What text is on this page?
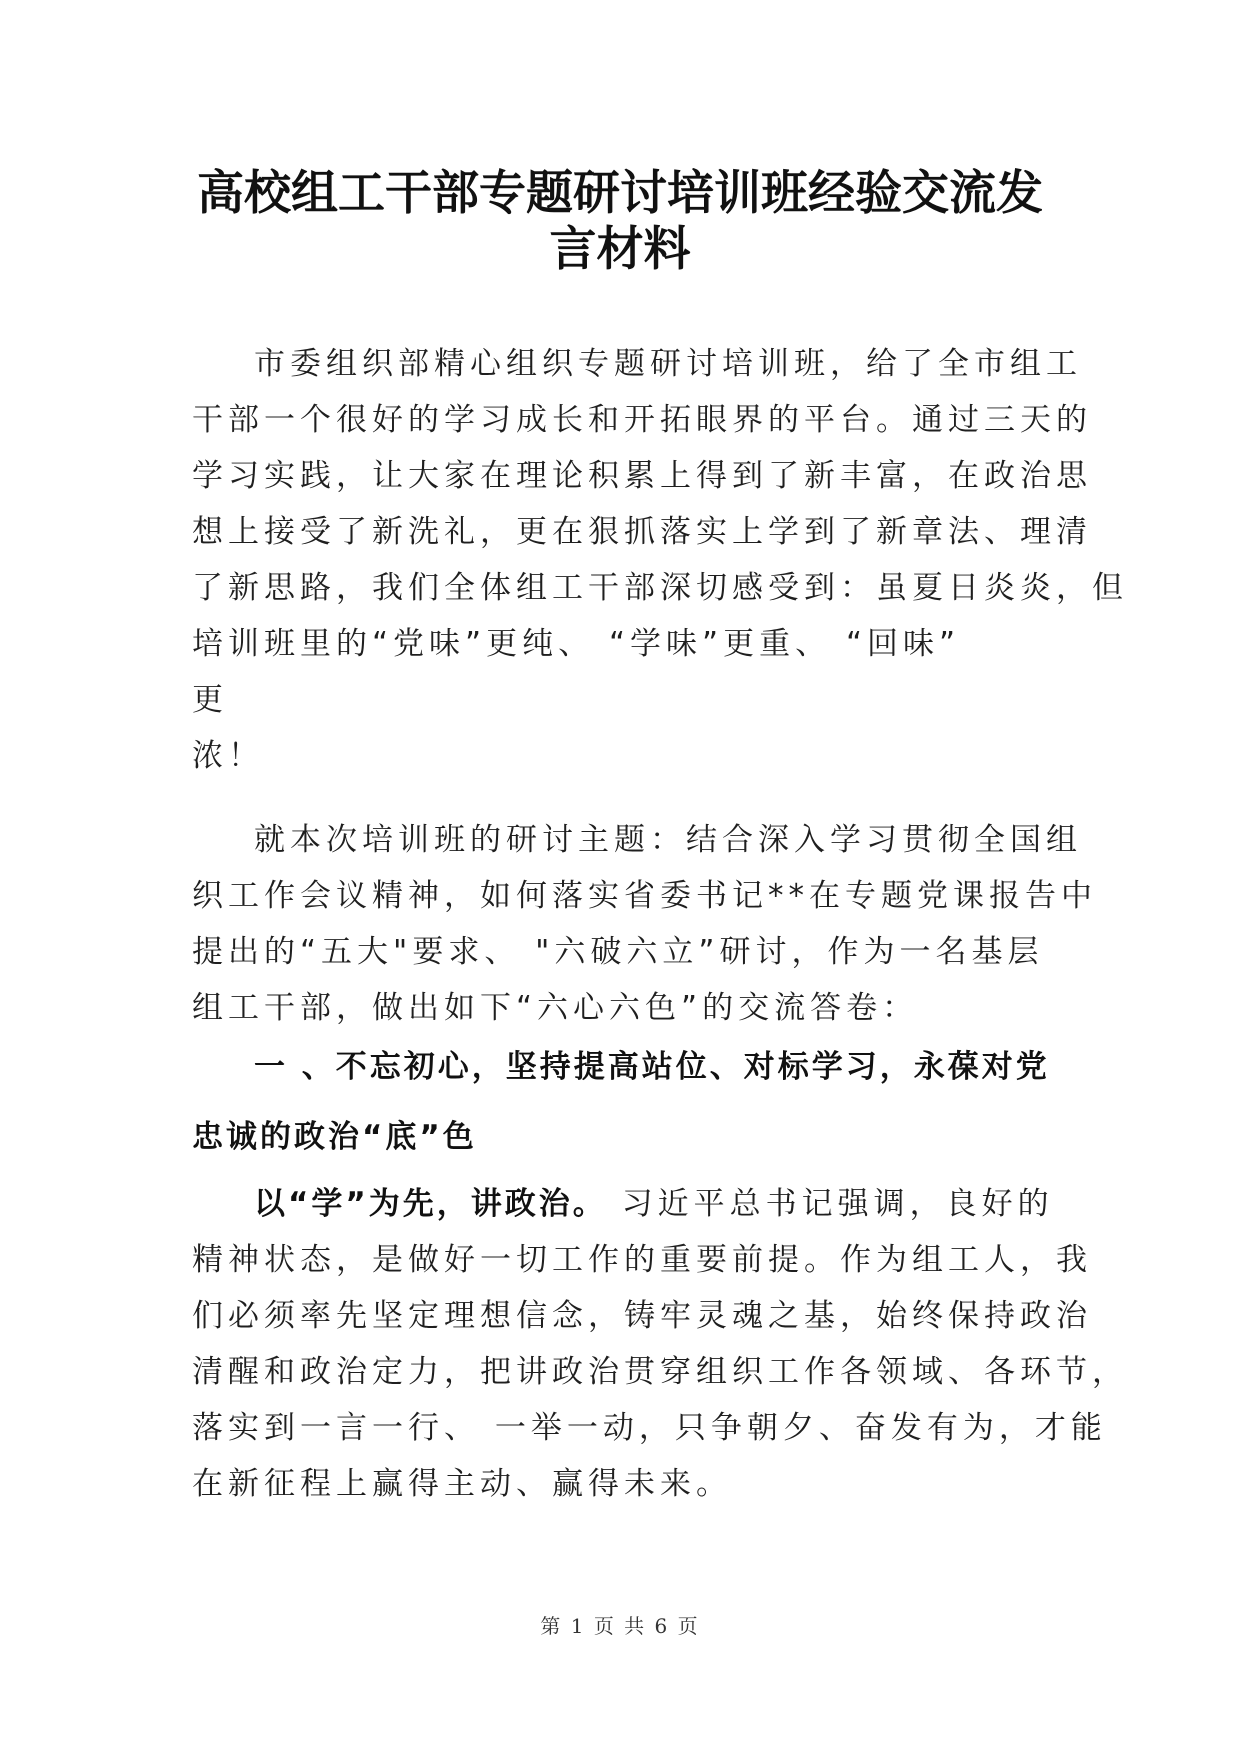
高校组工干部专题研讨培训班经验交流发
言材料
市委组织部精心组织专题研讨培训班，给了全市组工
干部一个很好的学习成长和开拓眼界的平台。通过三天的
学习实践，让大家在理论积累上得到了新丰富，在政治思
想上接受了新洗礼，更在狠抓落实上学到了新章法、理清
了新思路，我们全体组工干部深切感受到：虽夏日炎炎，但
培训班里的“党味”更纯、 “学味”更重、 “回味”
更
浓！
就本次培训班的研讨主题：结合深入学习贯彻全国组
织工作会议精神，如何落实省委书记**在专题党课报告中
提出的“五大"要求、 "六破六立”研讨，作为一名基层
组工干部，做出如下“六心六色”的交流答卷：
一 、不忘初心，坚持提高站位、对标学习，永葆对党
忠诚的政治“底”色
以“学”为先，讲政治。 习近平总书记强调，良好的
精神状态，是做好一切工作的重要前提。作为组工人，我
们必须率先坚定理想信念，铸牢灵魂之基，始终保持政治
清醒和政治定力，把讲政治贯穿组织工作各领域、各环节，
落实到一言一行、 一举一动，只争朝夕、奋发有为，才能
在新征程上赢得主动、赢得未来。
第 1 页 共 6 页
